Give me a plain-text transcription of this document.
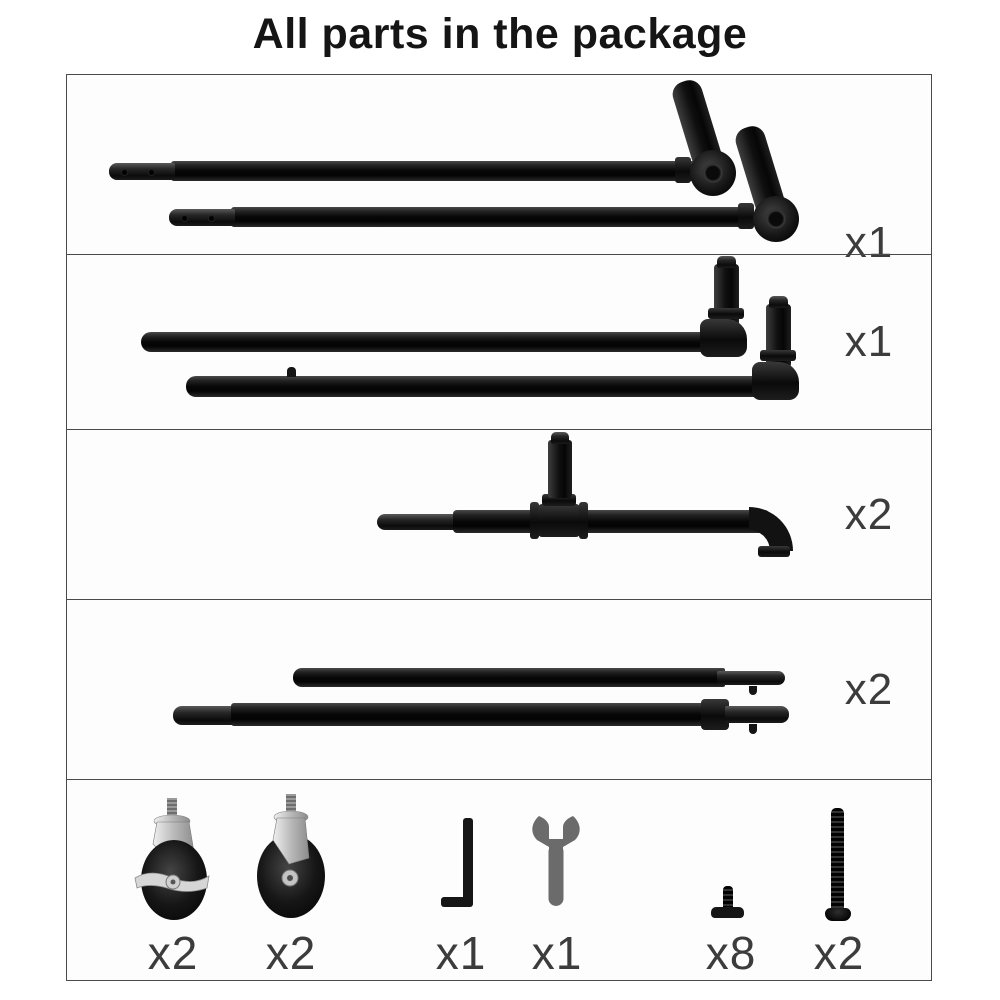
All parts in the package
x1
x1
x2
x2
x2	x2	x1 x1	x8	x2
